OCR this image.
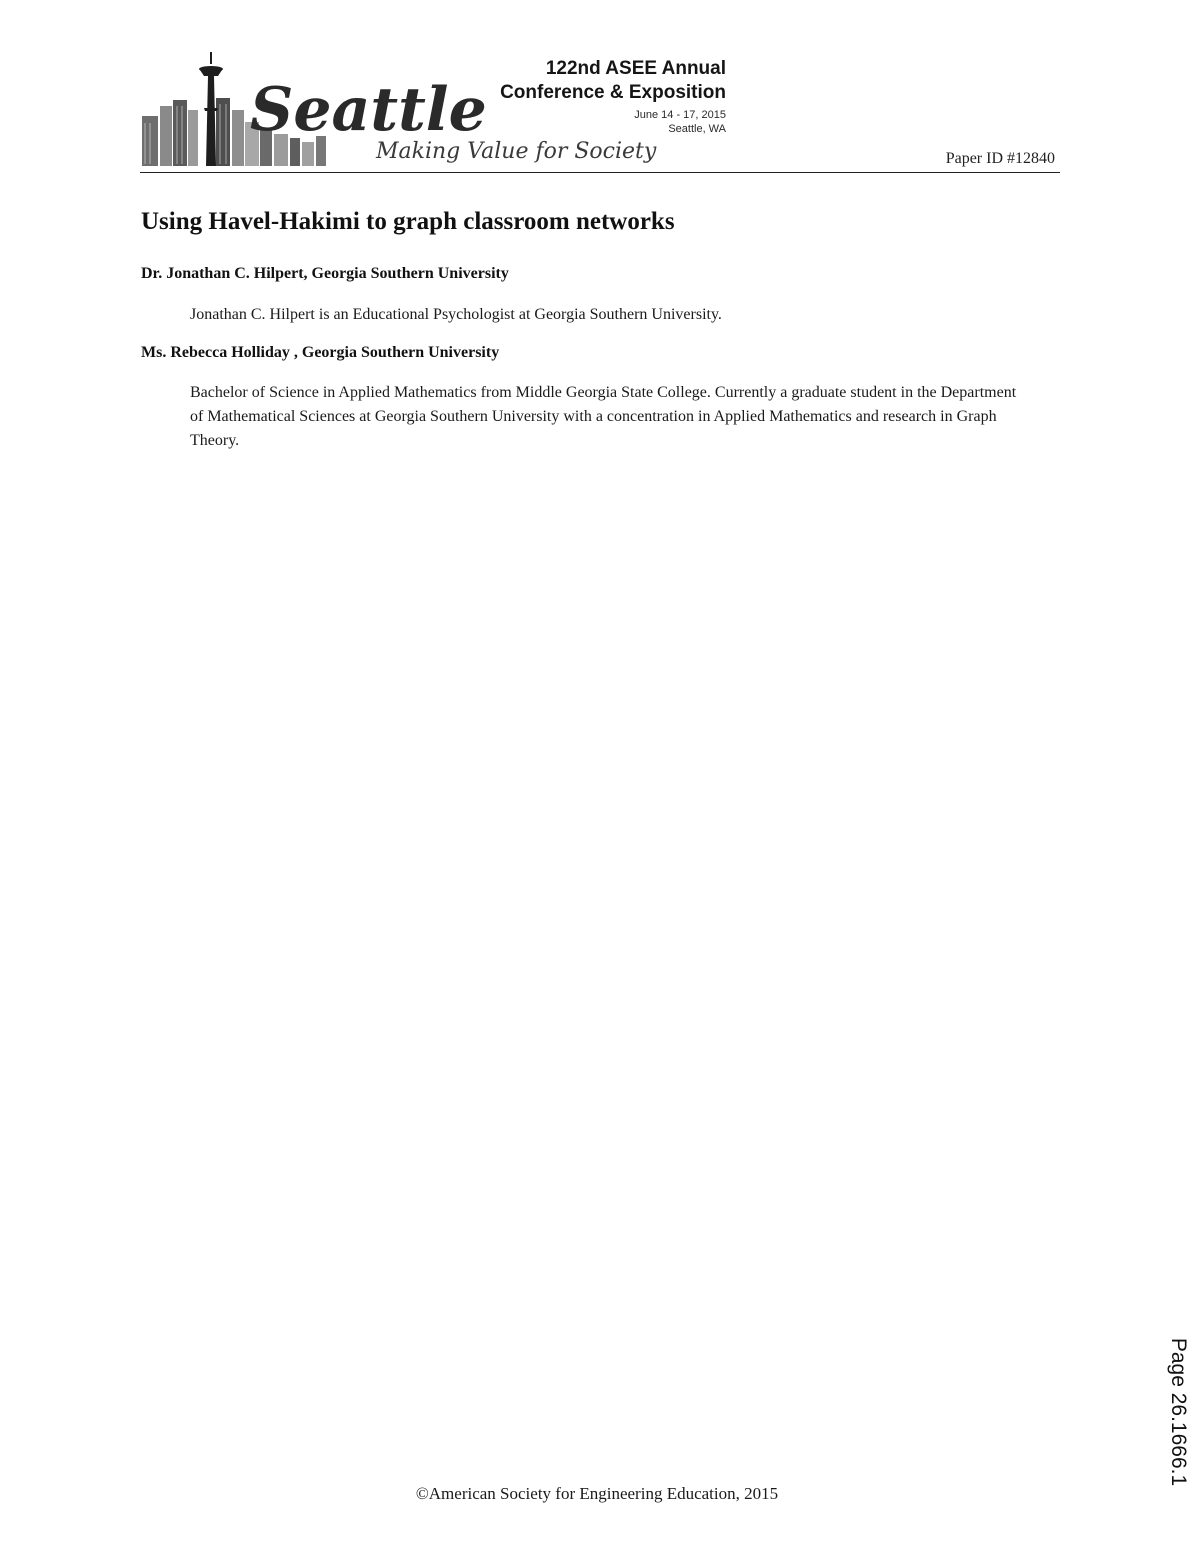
Seattle
Making Value for Society
122nd ASEE Annual
Conference & Exposition
June 14 - 17, 2015
Seattle, WA
Paper ID #12840
Using Havel-Hakimi to graph classroom networks
Dr. Jonathan C. Hilpert, Georgia Southern University

Jonathan C. Hilpert is an Educational Psychologist at Georgia Southern University.

Ms. Rebecca Holliday , Georgia Southern University

Bachelor of Science in Applied Mathematics from Middle Georgia State College. Currently a graduate student in the Department of Mathematical Sciences at Georgia Southern University with a concentration in Applied Mathematics and research in Graph Theory.

©American Society for Engineering Education, 2015
Page 26.1666.1
